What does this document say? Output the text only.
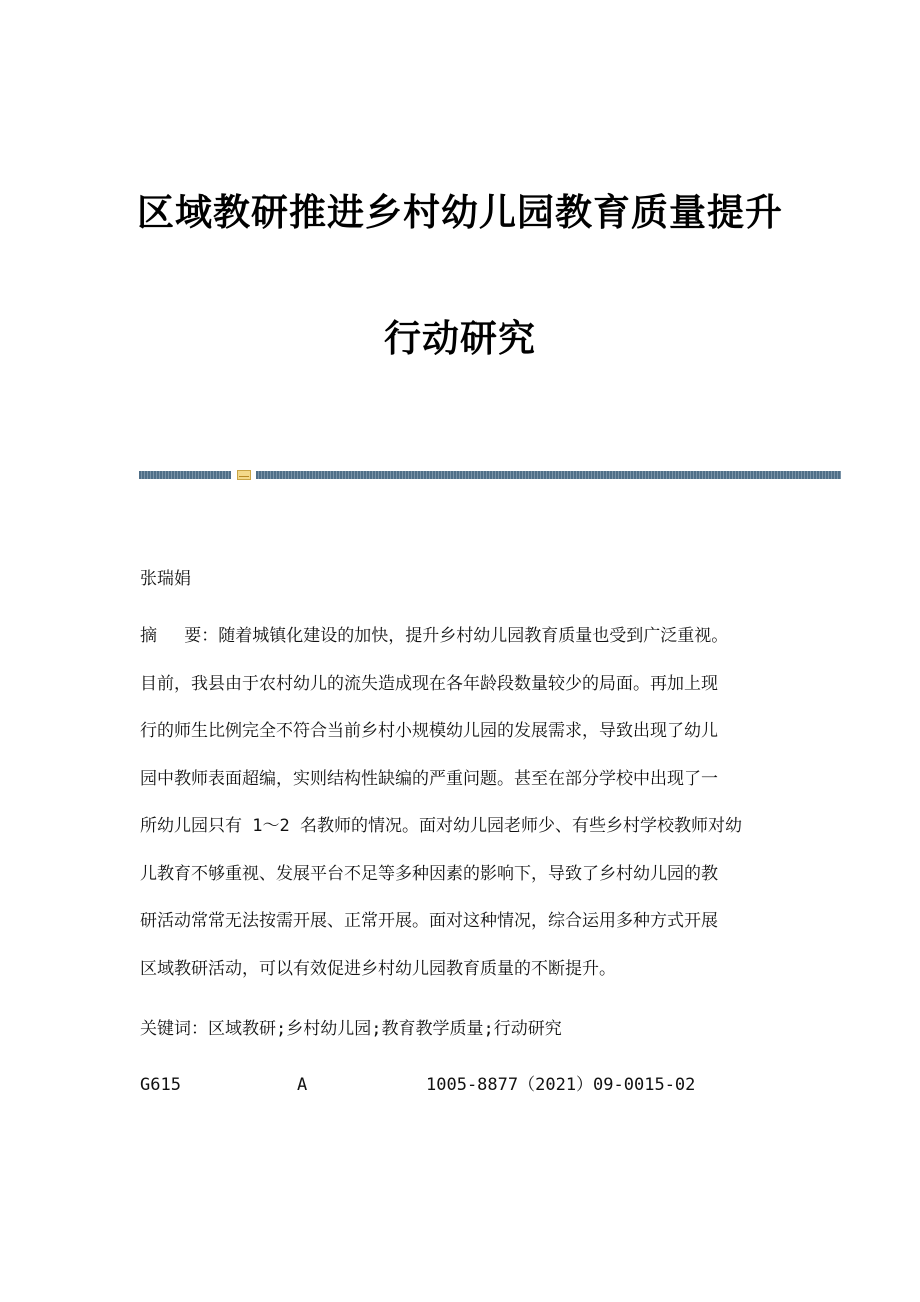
区域教研推进乡村幼儿园教育质量提升
行动研究
张瑞娟
摘　 要：随着城镇化建设的加快，提升乡村幼儿园教育质量也受到广泛重视。
目前，我县由于农村幼儿的流失造成现在各年龄段数量较少的局面。再加上现
行的师生比例完全不符合当前乡村小规模幼儿园的发展需求，导致出现了幼儿
园中教师表面超编，实则结构性缺编的严重问题。甚至在部分学校中出现了一
所幼儿园只有 1～2 名教师的情况。面对幼儿园老师少、有些乡村学校教师对幼
儿教育不够重视、发展平台不足等多种因素的影响下，导致了乡村幼儿园的教
研活动常常无法按需开展、正常开展。面对这种情况，综合运用多种方式开展
区域教研活动，可以有效促进乡村幼儿园教育质量的不断提升。
关键词：区域教研;乡村幼儿园;教育教学质量;行动研究
G615	A	1005-8877（2021）09-0015-02
